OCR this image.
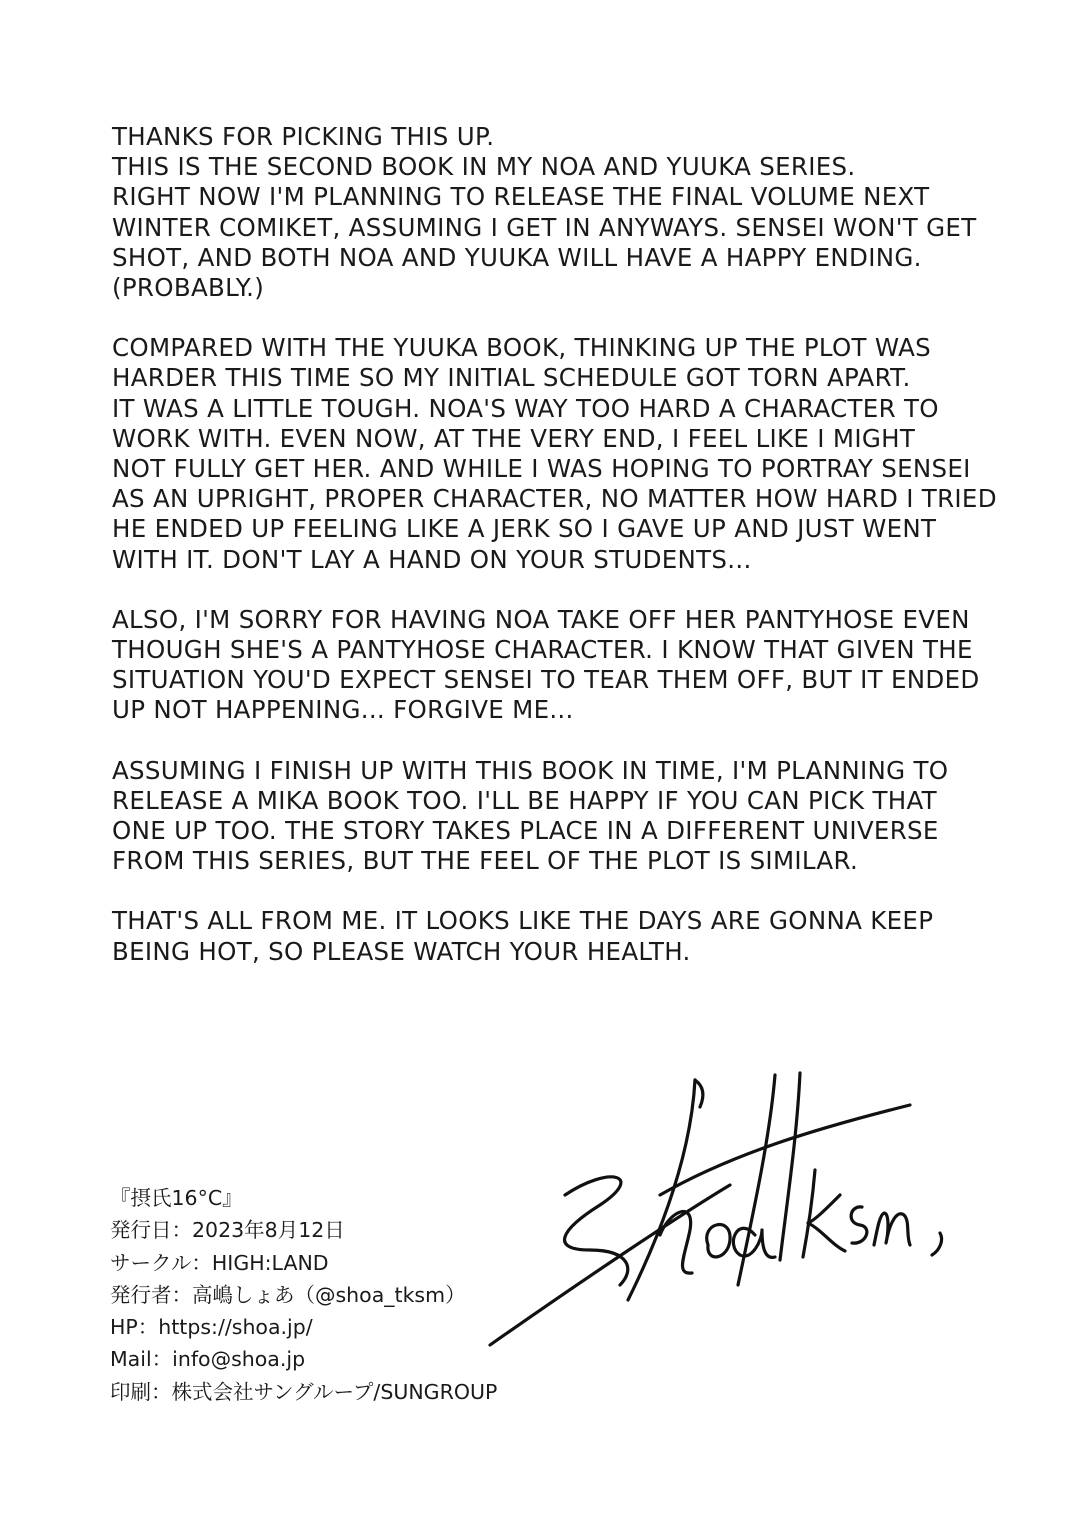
THANKS FOR PICKING THIS UP.
THIS IS THE SECOND BOOK IN MY NOA AND YUUKA SERIES.
RIGHT NOW I'M PLANNING TO RELEASE THE FINAL VOLUME NEXT
WINTER COMIKET, ASSUMING I GET IN ANYWAYS. SENSEI WON'T GET
SHOT, AND BOTH NOA AND YUUKA WILL HAVE A HAPPY ENDING.
(PROBABLY.)
COMPARED WITH THE YUUKA BOOK, THINKING UP THE PLOT WAS
HARDER THIS TIME SO MY INITIAL SCHEDULE GOT TORN APART.
IT WAS A LITTLE TOUGH. NOA'S WAY TOO HARD A CHARACTER TO
WORK WITH. EVEN NOW, AT THE VERY END, I FEEL LIKE I MIGHT
NOT FULLY GET HER. AND WHILE I WAS HOPING TO PORTRAY SENSEI
AS AN UPRIGHT, PROPER CHARACTER, NO MATTER HOW HARD I TRIED
HE ENDED UP FEELING LIKE A JERK SO I GAVE UP AND JUST WENT
WITH IT. DON'T LAY A HAND ON YOUR STUDENTS...
ALSO, I'M SORRY FOR HAVING NOA TAKE OFF HER PANTYHOSE EVEN
THOUGH SHE'S A PANTYHOSE CHARACTER. I KNOW THAT GIVEN THE
SITUATION YOU'D EXPECT SENSEI TO TEAR THEM OFF, BUT IT ENDED
UP NOT HAPPENING... FORGIVE ME...
ASSUMING I FINISH UP WITH THIS BOOK IN TIME, I'M PLANNING TO
RELEASE A MIKA BOOK TOO. I'LL BE HAPPY IF YOU CAN PICK THAT
ONE UP TOO. THE STORY TAKES PLACE IN A DIFFERENT UNIVERSE
FROM THIS SERIES, BUT THE FEEL OF THE PLOT IS SIMILAR.
THAT'S ALL FROM ME. IT LOOKS LIKE THE DAYS ARE GONNA KEEP
BEING HOT, SO PLEASE WATCH YOUR HEALTH.
『摂氏16°C』
発行日：2023年8月12日
サークル：HIGH:LAND
発行者：高嶋しょあ（@shoa_tksm）
HP：https://shoa.jp/
Mail：info@shoa.jp
印刷：株式会社サングループ/SUNGROUP
